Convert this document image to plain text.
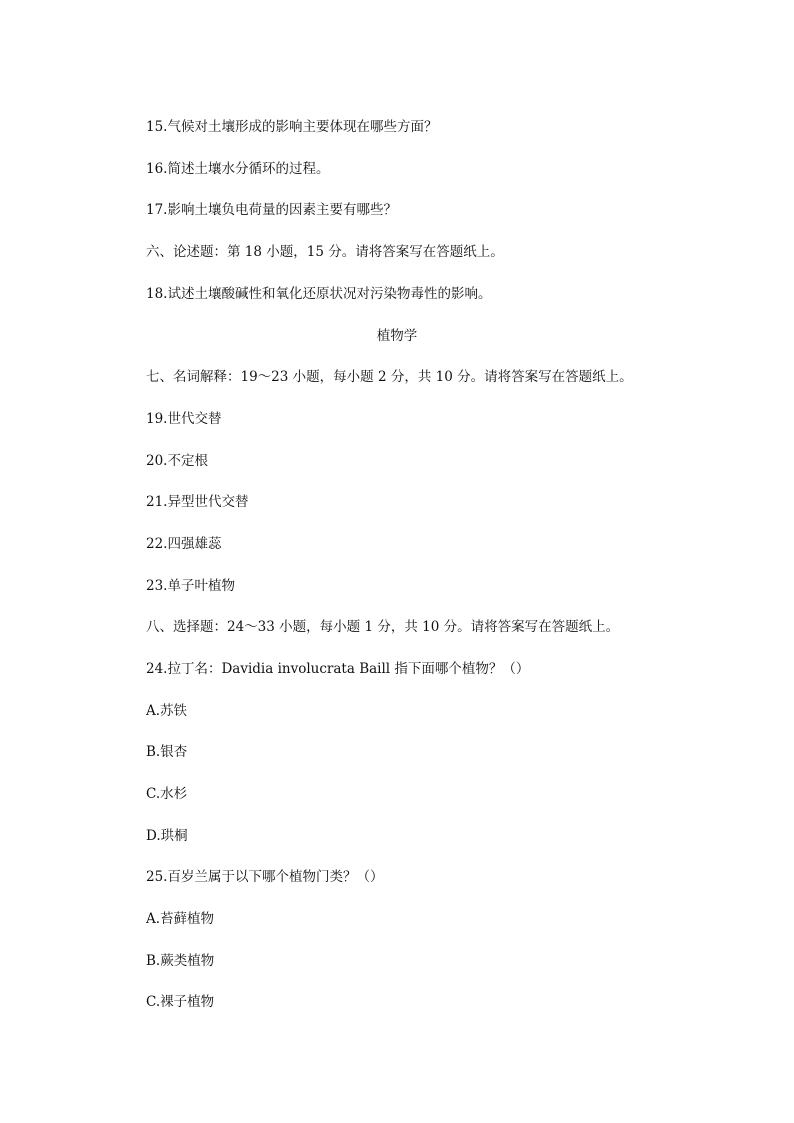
15.气候对土壤形成的影响主要体现在哪些方面？
16.简述土壤水分循环的过程。
17.影响土壤负电荷量的因素主要有哪些？
六、论述题：第 18 小题，15 分。请将答案写在答题纸上。
18.试述土壤酸碱性和氧化还原状况对污染物毒性的影响。
植物学
七、名词解释：19～23 小题，每小题 2 分，共 10 分。请将答案写在答题纸上。
19.世代交替
20.不定根
21.异型世代交替
22.四强雄蕊
23.单子叶植物
八、选择题：24～33 小题，每小题 1 分，共 10 分。请将答案写在答题纸上。
24.拉丁名：Davidia involucrata Baill 指下面哪个植物？（）
A.苏铁
B.银杏
C.水杉
D.珙桐
25.百岁兰属于以下哪个植物门类？（）
A.苔藓植物
B.蕨类植物
C.裸子植物
